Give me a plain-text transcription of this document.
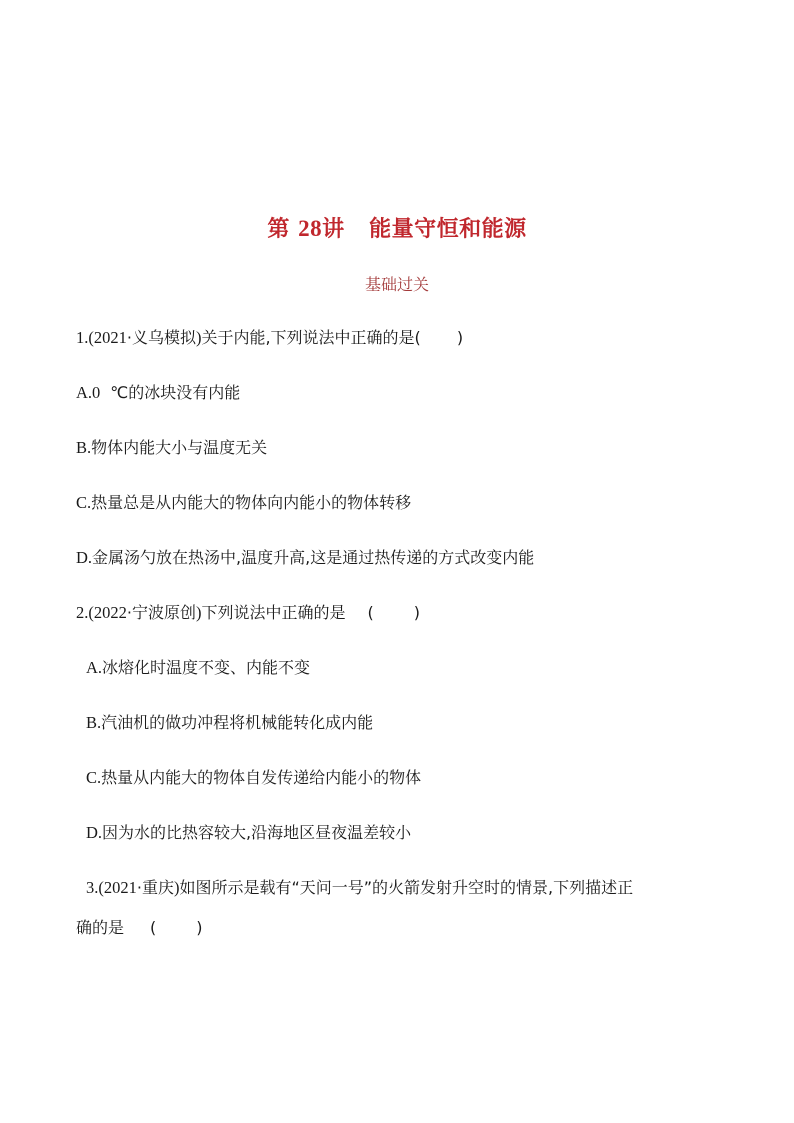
第 28讲 能量守恒和能源
基础过关
1.(2021·义乌模拟)关于内能,下列说法中正确的是( )
A.0 ℃的冰块没有内能
B.物体内能大小与温度无关
C.热量总是从内能大的物体向内能小的物体转移
D.金属汤勺放在热汤中,温度升高,这是通过热传递的方式改变内能
2.(2022·宁波原创)下列说法中正确的是 (	)
A.冰熔化时温度不变、内能不变
B.汽油机的做功冲程将机械能转化成内能
C.热量从内能大的物体自发传递给内能小的物体
D.因为水的比热容较大,沿海地区昼夜温差较小
3.(2021·重庆)如图所示是载有“天问一号”的火箭发射升空时的情景,下列描述正
确的是 (	)
